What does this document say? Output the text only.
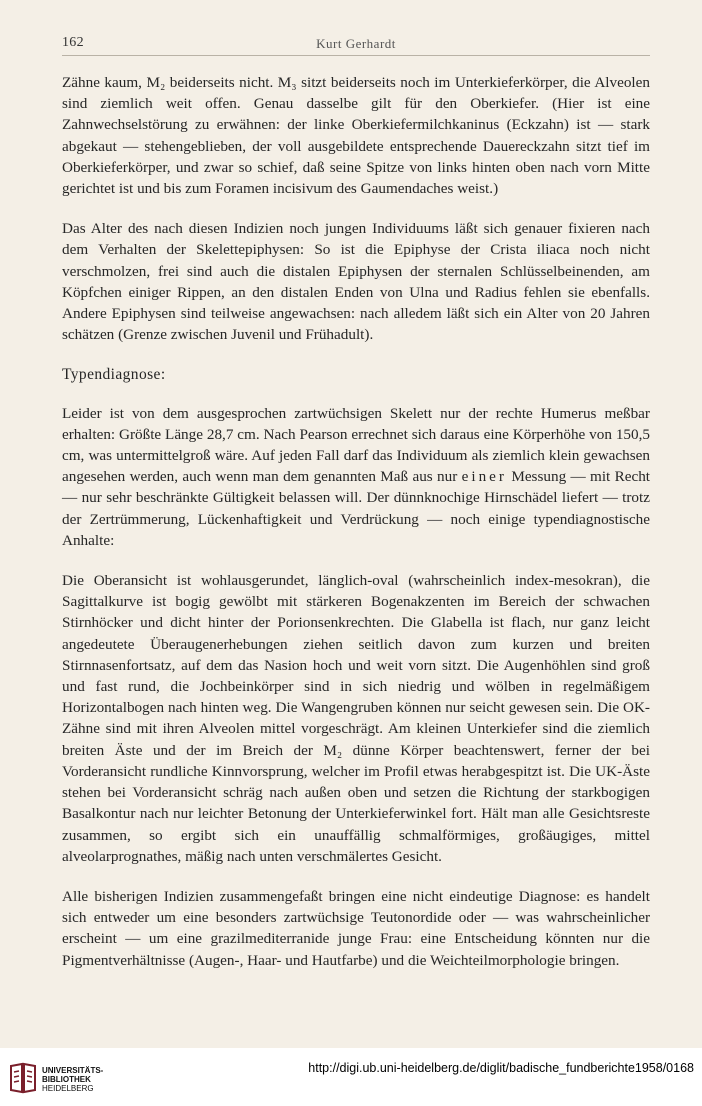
162	Kurt Gerhardt

Zähne kaum, M₂ beiderseits nicht. M₃ sitzt beiderseits noch im Unterkieferkörper, die Alveolen sind ziemlich weit offen. Genau dasselbe gilt für den Oberkiefer. (Hier ist eine Zahnwechselstörung zu erwähnen: der linke Oberkiefermilchkaninus (Eckzahn) ist — stark abgekaut — stehengeblieben, der voll ausgebildete entsprechende Dauereckzahn sitzt tief im Oberkieferkörper, und zwar so schief, daß seine Spitze von links hinten oben nach vorn Mitte gerichtet ist und bis zum Foramen incisivum des Gaumendaches weist.)

Das Alter des nach diesen Indizien noch jungen Individuums läßt sich genauer fixieren nach dem Verhalten der Skelettepiphysen: So ist die Epiphyse der Crista iliaca noch nicht verschmolzen, frei sind auch die distalen Epiphysen der sternalen Schlüsselbeinenden, am Köpfchen einiger Rippen, an den distalen Enden von Ulna und Radius fehlen sie ebenfalls. Andere Epiphysen sind teilweise angewachsen: nach alledem läßt sich ein Alter von 20 Jahren schätzen (Grenze zwischen Juvenil und Frühadult).

Typendiagnose:

Leider ist von dem ausgesprochen zartwüchsigen Skelett nur der rechte Humerus meßbar erhalten: Größte Länge 28,7 cm. Nach Pearson errechnet sich daraus eine Körperhöhe von 150,5 cm, was untermittelgroß wäre. Auf jeden Fall darf das Individuum als ziemlich klein gewachsen angesehen werden, auch wenn man dem genannten Maß aus nur einer Messung — mit Recht — nur sehr beschränkte Gültigkeit belassen will. Der dünnknochige Hirnschädel liefert — trotz der Zertrümmerung, Lückenhaftigkeit und Verdrückung — noch einige typendiagnostische Anhalte:

Die Oberansicht ist wohlausgerundet, länglich-oval (wahrscheinlich index-mesokran), die Sagittalkurve ist bogig gewölbt mit stärkeren Bogenakzenten im Bereich der schwachen Stirnhöcker und dicht hinter der Porionsenkrechten. Die Glabella ist flach, nur ganz leicht angedeutete Überaugenerhebungen ziehen seitlich davon zum kurzen und breiten Stirnnasenfortsatz, auf dem das Nasion hoch und weit vorn sitzt. Die Augenhöhlen sind groß und fast rund, die Jochbeinkörper sind in sich niedrig und wölben in regelmäßigem Horizontalbogen nach hinten weg. Die Wangengruben können nur seicht gewesen sein. Die OK-Zähne sind mit ihren Alveolen mittel vorgeschrägt. Am kleinen Unterkiefer sind die ziemlich breiten Äste und der im Breich der M₂ dünne Körper beachtenswert, ferner der bei Vorderansicht rundliche Kinnvorsprung, welcher im Profil etwas herabgespitzt ist. Die UK-Äste stehen bei Vorderansicht schräg nach außen oben und setzen die Richtung der starkbogigen Basalkontur nach nur leichter Betonung der Unterkieferwinkel fort. Hält man alle Gesichtsreste zusammen, so ergibt sich ein unauffällig schmalförmiges, großäugiges, mittel alveolarprognathes, mäßig nach unten verschmälertes Gesicht.

Alle bisherigen Indizien zusammengefaßt bringen eine nicht eindeutige Diagnose: es handelt sich entweder um eine besonders zartwüchsige Teutonordide oder — was wahrscheinlicher erscheint — um eine grazilmediterranide junge Frau: eine Entscheidung könnten nur die Pigmentverhältnisse (Augen-, Haar- und Hautfarbe) und die Weichteilmorphologie bringen.

UNIVERSITÄTS-
BIBLIOTHEK
HEIDELBERG
http://digi.ub.uni-heidelberg.de/diglit/badische_fundberichte1958/0168
